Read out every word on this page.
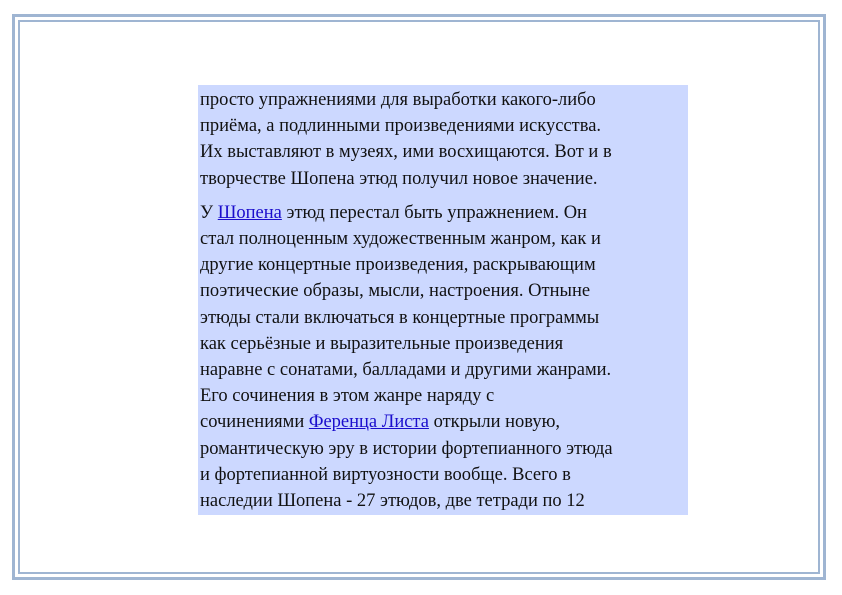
просто упражнениями для выработки какого-либо
приёма, а подлинными произведениями искусства.
Их выставляют в музеях, ими восхищаются. Вот и в
творчестве Шопена этюд получил новое значение.

У Шопена этюд перестал быть упражнением. Он
стал полноценным художественным жанром, как и
другие концертные произведения, раскрывающим
поэтические образы, мысли, настроения. Отныне
этюды стали включаться в концертные программы
как серьёзные и выразительные произведения
наравне с сонатами, балладами и другими жанрами.
Его сочинения в этом жанре наряду с
сочинениями Ференца Листа открыли новую,
романтическую эру в истории фортепианного этюда
и фортепианной виртуозности вообще. Всего в
наследии Шопена - 27 этюдов, две тетради по 12
